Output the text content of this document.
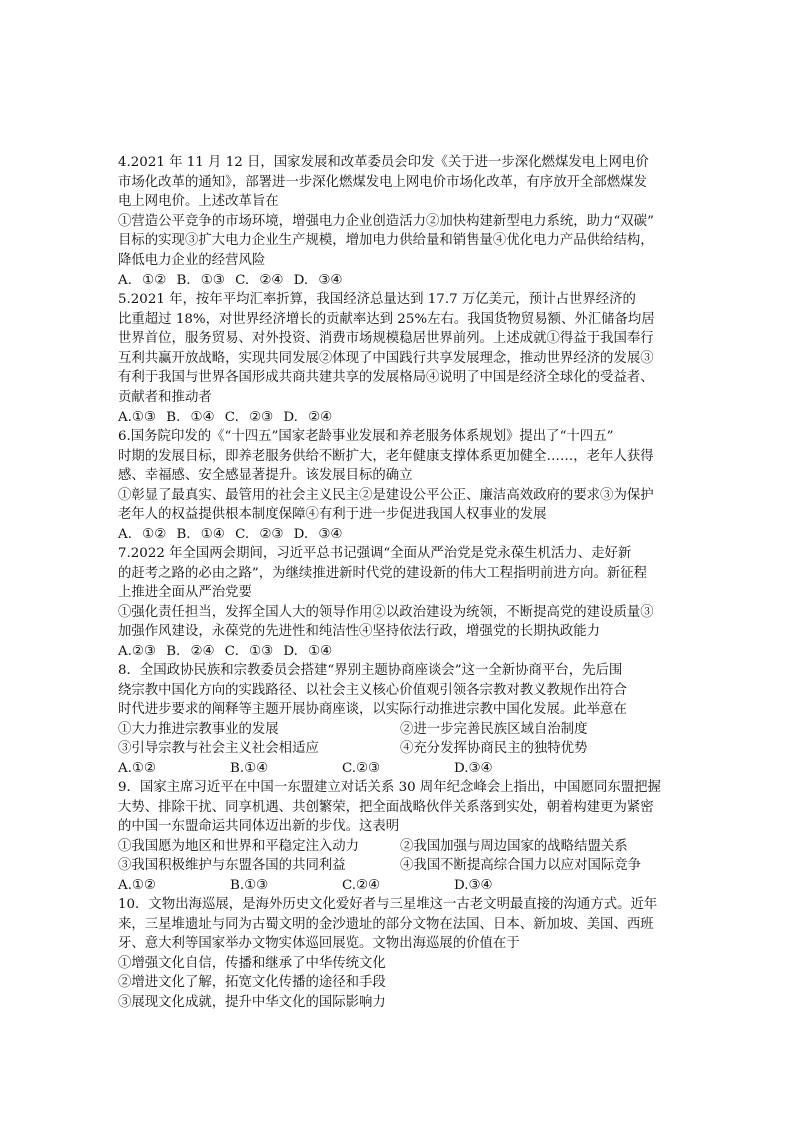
4.2021 年 11 月 12 日，国家发展和改革委员会印发《关于进一步深化燃煤发电上网电价
市场化改革的通知》，部署进一步深化燃煤发电上网电价市场化改革，有序放开全部燃煤发
电上网电价。上述改革旨在
①营造公平竞争的市场环境，增强电力企业创造活力②加快构建新型电力系统，助力“双碳”
目标的实现③扩大电力企业生产规模，增加电力供给量和销售量④优化电力产品供给结构，
降低电力企业的经营风险
A. ①② B. ①③ C. ②④ D. ③④
5.2021 年，按年平均汇率折算，我国经济总量达到 17.7 万亿美元，预计占世界经济的
比重超过 18%，对世界经济增长的贡献率达到 25%左右。我国货物贸易额、外汇储备均居
世界首位，服务贸易、对外投资、消费市场规模稳居世界前列。上述成就①得益于我国奉行
互利共赢开放战略，实现共同发展②体现了中国践行共享发展理念，推动世界经济的发展③
有利于我国与世界各国形成共商共建共享的发展格局④说明了中国是经济全球化的受益者、
贡献者和推动者
A.①③ B. ①④ C. ②③ D. ②④
6.国务院印发的《“十四五”国家老龄事业发展和养老服务体系规划》提出了“十四五”
时期的发展目标，即养老服务供给不断扩大，老年健康支撑体系更加健全……，老年人获得
感、幸福感、安全感显著提升。该发展目标的确立
①彰显了最真实、最管用的社会主义民主②是建设公平公正、廉洁高效政府的要求③为保护
老年人的权益提供根本制度保障④有利于进一步促进我国人权事业的发展
A. ①② B. ①④ C. ②③ D. ③④
7.2022 年全国两会期间，习近平总书记强调“全面从严治党是党永葆生机活力、走好新
的赶考之路的必由之路”，为继续推进新时代党的建设新的伟大工程指明前进方向。新征程
上推进全面从严治党要
①强化责任担当，发挥全国人大的领导作用②以政治建设为统领，不断提高党的建设质量③
加强作风建设，永葆党的先进性和纯洁性④坚持依法行政，增强党的长期执政能力
A.②③ B. ②④ C. ①③ D. ①④
8．全国政协民族和宗教委员会搭建“界别主题协商座谈会”这一全新协商平台，先后围
绕宗教中国化方向的实践路径、以社会主义核心价值观引领各宗教对教义教规作出符合
时代进步要求的阐释等主题开展协商座谈，以实际行动推进宗教中国化发展。此举意在
①大力推进宗教事业的发展	②进一步完善民族区域自治制度
③引导宗教与社会主义社会相适应	④充分发挥协商民主的独特优势
A.①②	B.①④	C.②③	D.③④
9．国家主席习近平在中国一东盟建立对话关系 30 周年纪念峰会上指出，中国愿同东盟把握
大势、排除干扰、同享机遇、共创繁荣，把全面战略伙伴关系落到实处，朝着构建更为紧密
的中国一东盟命运共同体迈出新的步伐。这表明
①我国愿为地区和世界和平稳定注入动力	②我国加强与周边国家的战略结盟关系
③我国积极维护与东盟各国的共同利益	④我国不断提高综合国力以应对国际竞争
A.①②	B.①③	C.②④	D.③④
10．文物出海巡展，是海外历史文化爱好者与三星堆这一古老文明最直接的沟通方式。近年
来，三星堆遗址与同为古蜀文明的金沙遗址的部分文物在法国、日本、新加坡、美国、西班
牙、意大利等国家举办文物实体巡回展览。文物出海巡展的价值在于
①增强文化自信，传播和继承了中华传统文化
②增进文化了解，拓宽文化传播的途径和手段
③展现文化成就，提升中华文化的国际影响力
